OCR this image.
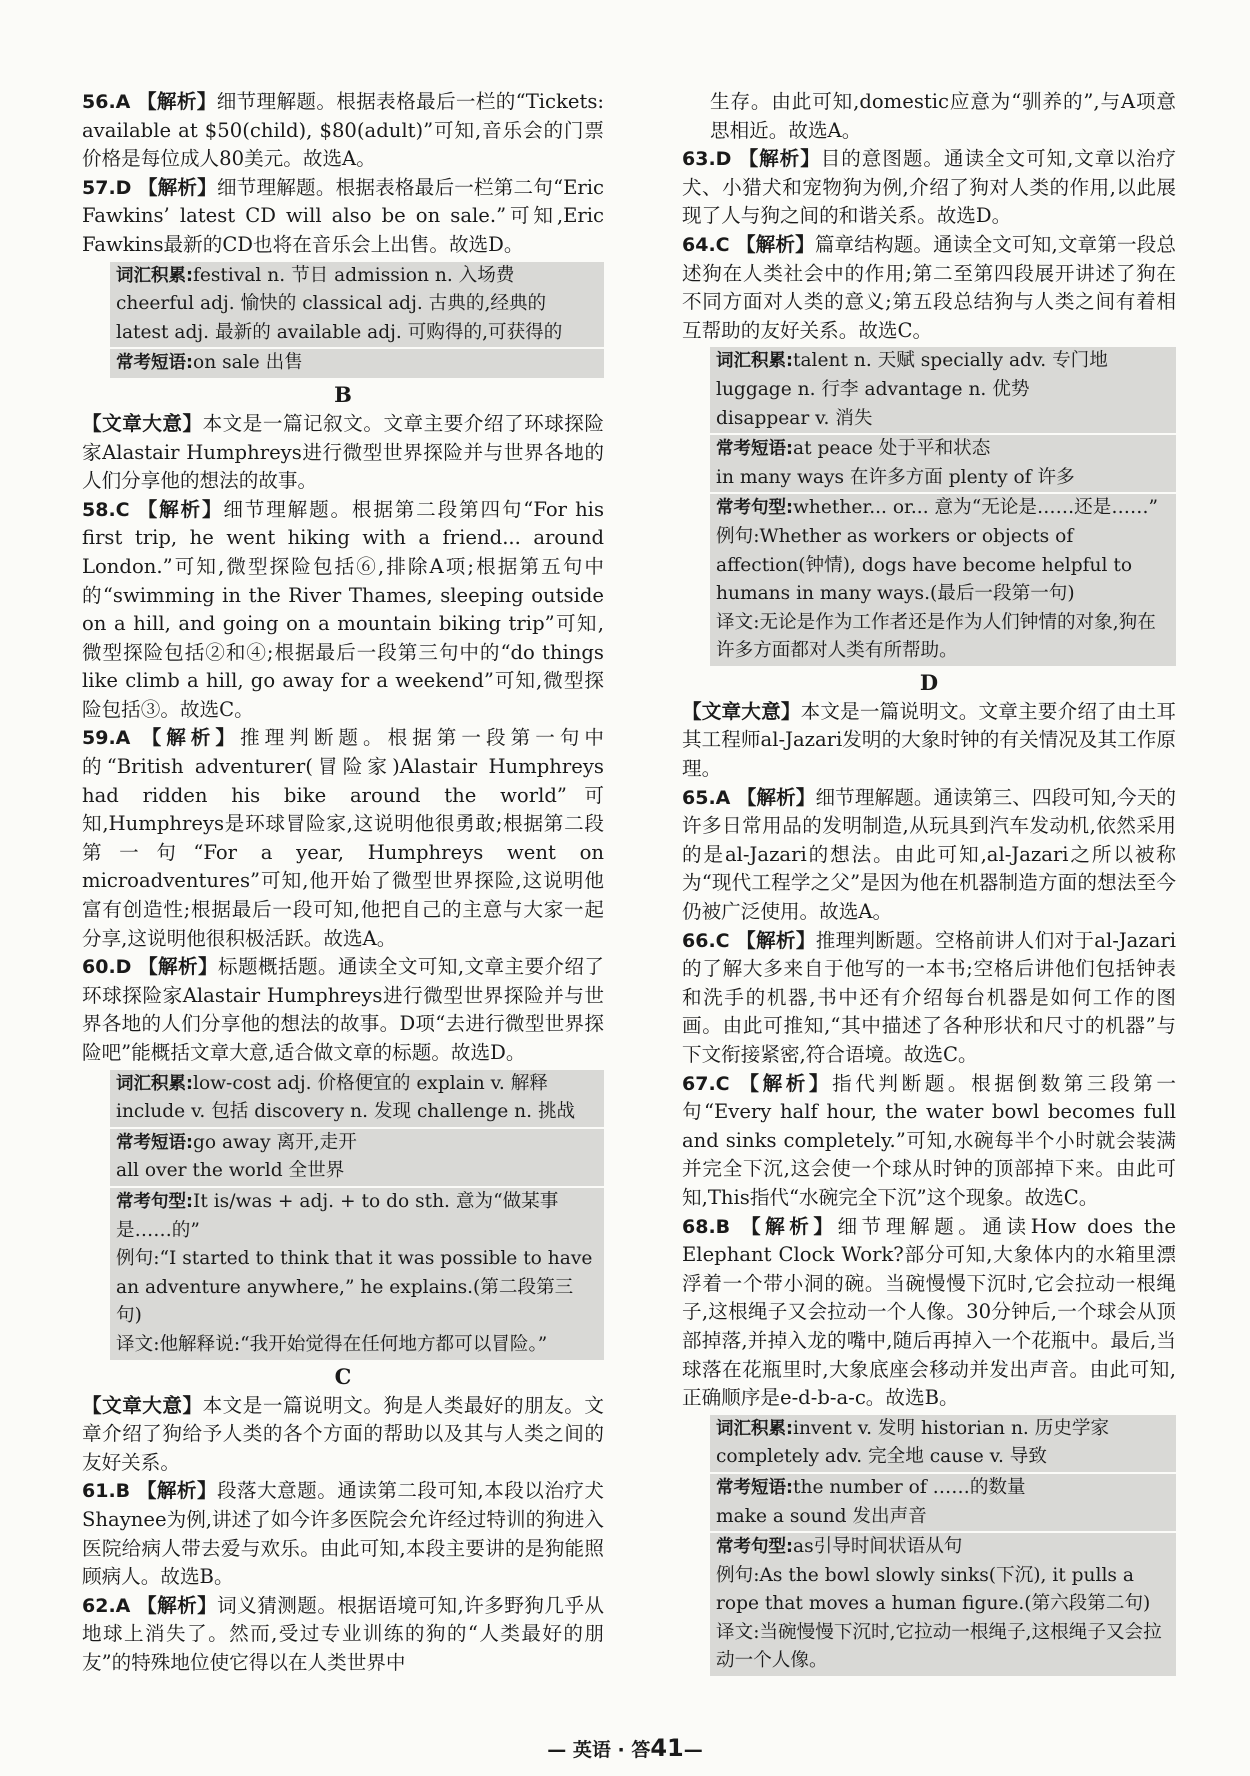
56.A 【解析】细节理解题。根据表格最后一栏的“Tickets: available at $50(child), $80(adult)”可知,音乐会的门票价格是每位成人80美元。故选A。
57.D 【解析】细节理解题。根据表格最后一栏第二句“Eric Fawkins’ latest CD will also be on sale.”可知,Eric Fawkins最新的CD也将在音乐会上出售。故选D。
词汇积累:festival n. 节日 admission n. 入场费
cheerful adj. 愉快的 classical adj. 古典的,经典的
latest adj. 最新的 available adj. 可购得的,可获得的
常考短语:on sale 出售
B
【文章大意】本文是一篇记叙文。文章主要介绍了环球探险家Alastair Humphreys进行微型世界探险并与世界各地的人们分享他的想法的故事。
58.C 【解析】细节理解题。根据第二段第四句“For his first trip, he went hiking with a friend... around London.”可知,微型探险包括⑥,排除A项;根据第五句中的“swimming in the River Thames, sleeping outside on a hill, and going on a mountain biking trip”可知,微型探险包括②和④;根据最后一段第三句中的“do things like climb a hill, go away for a weekend”可知,微型探险包括③。故选C。
59.A 【解析】推理判断题。根据第一段第一句中的“British adventurer(冒险家)Alastair Humphreys had ridden his bike around the world”可知,Humphreys是环球冒险家,这说明他很勇敢;根据第二段第一句“For a year, Humphreys went on microadventures”可知,他开始了微型世界探险,这说明他富有创造性;根据最后一段可知,他把自己的主意与大家一起分享,这说明他很积极活跃。故选A。
60.D 【解析】标题概括题。通读全文可知,文章主要介绍了环球探险家Alastair Humphreys进行微型世界探险并与世界各地的人们分享他的想法的故事。D项“去进行微型世界探险吧”能概括文章大意,适合做文章的标题。故选D。
词汇积累:low-cost adj. 价格便宜的 explain v. 解释
include v. 包括 discovery n. 发现 challenge n. 挑战
常考短语:go away 离开,走开
all over the world 全世界
常考句型:It is/was + adj. + to do sth. 意为“做某事是……的”
例句:“I started to think that it was possible to have an adventure anywhere,” he explains.(第二段第三句)
译文:他解释说:“我开始觉得在任何地方都可以冒险。”
C
【文章大意】本文是一篇说明文。狗是人类最好的朋友。文章介绍了狗给予人类的各个方面的帮助以及其与人类之间的友好关系。
61.B 【解析】段落大意题。通读第二段可知,本段以治疗犬Shaynee为例,讲述了如今许多医院会允许经过特训的狗进入医院给病人带去爱与欢乐。由此可知,本段主要讲的是狗能照顾病人。故选B。
62.A 【解析】词义猜测题。根据语境可知,许多野狗几乎从地球上消失了。然而,受过专业训练的狗的“人类最好的朋友”的特殊地位使它得以在人类世界中
生存。由此可知,domestic应意为“驯养的”,与A项意思相近。故选A。
63.D 【解析】目的意图题。通读全文可知,文章以治疗犬、小猎犬和宠物狗为例,介绍了狗对人类的作用,以此展现了人与狗之间的和谐关系。故选D。
64.C 【解析】篇章结构题。通读全文可知,文章第一段总述狗在人类社会中的作用;第二至第四段展开讲述了狗在不同方面对人类的意义;第五段总结狗与人类之间有着相互帮助的友好关系。故选C。
词汇积累:talent n. 天赋 specially adv. 专门地
luggage n. 行李 advantage n. 优势
disappear v. 消失
常考短语:at peace 处于平和状态
in many ways 在许多方面 plenty of 许多
常考句型:whether... or... 意为“无论是……还是……”
例句:Whether as workers or objects of affection(钟情), dogs have become helpful to humans in many ways.(最后一段第一句)
译文:无论是作为工作者还是作为人们钟情的对象,狗在许多方面都对人类有所帮助。
D
【文章大意】本文是一篇说明文。文章主要介绍了由土耳其工程师al-Jazari发明的大象时钟的有关情况及其工作原理。
65.A 【解析】细节理解题。通读第三、四段可知,今天的许多日常用品的发明制造,从玩具到汽车发动机,依然采用的是al-Jazari的想法。由此可知,al-Jazari之所以被称为“现代工程学之父”是因为他在机器制造方面的想法至今仍被广泛使用。故选A。
66.C 【解析】推理判断题。空格前讲人们对于al-Jazari的了解大多来自于他写的一本书;空格后讲他们包括钟表和洗手的机器,书中还有介绍每台机器是如何工作的图画。由此可推知,“其中描述了各种形状和尺寸的机器”与下文衔接紧密,符合语境。故选C。
67.C 【解析】指代判断题。根据倒数第三段第一句“Every half hour, the water bowl becomes full and sinks completely.”可知,水碗每半个小时就会装满并完全下沉,这会使一个球从时钟的顶部掉下来。由此可知,This指代“水碗完全下沉”这个现象。故选C。
68.B 【解析】细节理解题。通读How does the Elephant Clock Work?部分可知,大象体内的水箱里漂浮着一个带小洞的碗。当碗慢慢下沉时,它会拉动一根绳子,这根绳子又会拉动一个人像。30分钟后,一个球会从顶部掉落,并掉入龙的嘴中,随后再掉入一个花瓶中。最后,当球落在花瓶里时,大象底座会移动并发出声音。由此可知,正确顺序是e-d-b-a-c。故选B。
词汇积累:invent v. 发明 historian n. 历史学家
completely adv. 完全地 cause v. 导致
常考短语:the number of ……的数量
make a sound 发出声音
常考句型:as引导时间状语从句
例句:As the bowl slowly sinks(下沉), it pulls a rope that moves a human figure.(第六段第二句)
译文:当碗慢慢下沉时,它拉动一根绳子,这根绳子又会拉动一个人像。
— 英语 · 答41—
